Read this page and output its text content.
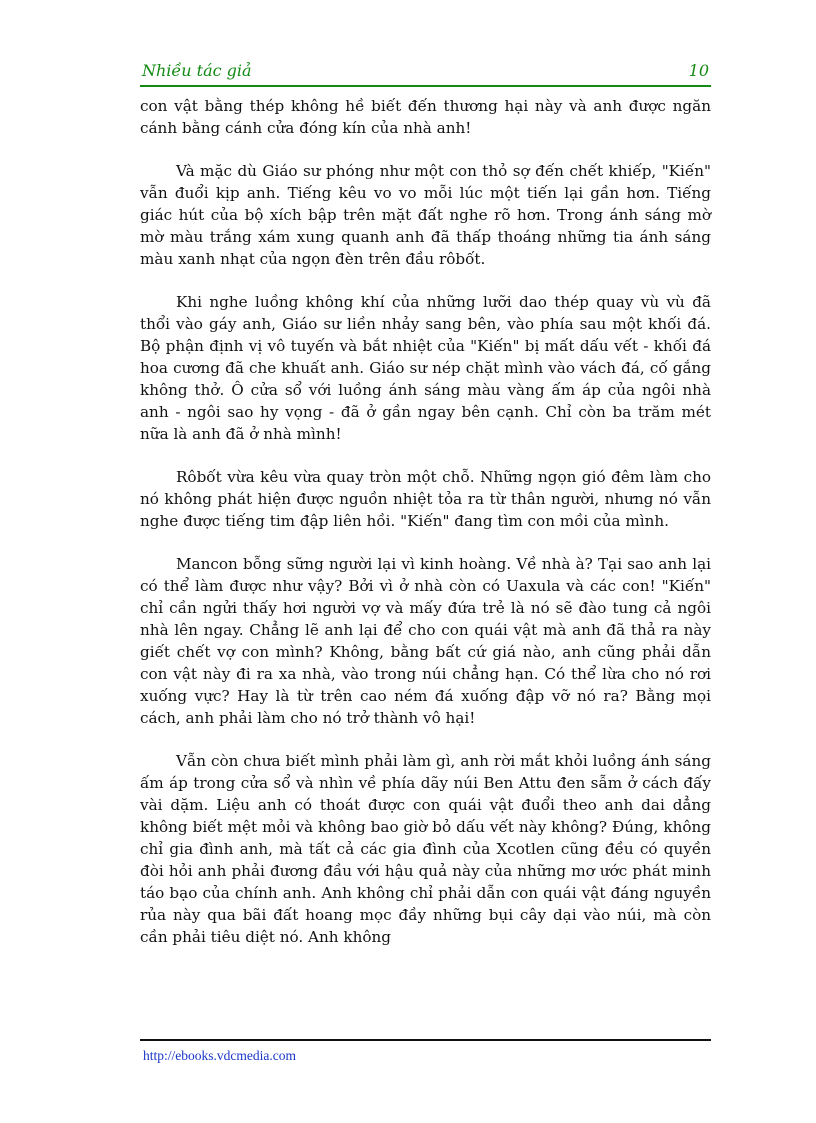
Nhiều tác giả	10

con vật bằng thép không hề biết đến thương hại này và anh được ngăn cánh bằng cánh cửa đóng kín của nhà anh!

Và mặc dù Giáo sư phóng như một con thỏ sợ đến chết khiếp, "Kiến" vẫn đuổi kịp anh. Tiếng kêu vo vo mỗi lúc một tiến lại gần hơn. Tiếng giác hút của bộ xích bập trên mặt đất nghe rõ hơn. Trong ánh sáng mờ mờ màu trắng xám xung quanh anh đã thấp thoáng những tia ánh sáng màu xanh nhạt của ngọn đèn trên đầu rôbốt.

Khi nghe luồng không khí của những lưỡi dao thép quay vù vù đã thổi vào gáy anh, Giáo sư liền nhảy sang bên, vào phía sau một khối đá. Bộ phận định vị vô tuyến và bắt nhiệt của "Kiến" bị mất dấu vết - khối đá hoa cương đã che khuất anh. Giáo sư nép chặt mình vào vách đá, cố gắng không thở. Ô cửa sổ với luồng ánh sáng màu vàng ấm áp của ngôi nhà anh - ngôi sao hy vọng - đã ở gần ngay bên cạnh. Chỉ còn ba trăm mét nữa là anh đã ở nhà mình!

Rôbốt vừa kêu vừa quay tròn một chỗ. Những ngọn gió đêm làm cho nó không phát hiện được nguồn nhiệt tỏa ra từ thân người, nhưng nó vẫn nghe được tiếng tim đập liên hồi. "Kiến" đang tìm con mồi của mình.

Mancon bỗng sững người lại vì kinh hoàng. Về nhà à? Tại sao anh lại có thể làm được như vậy? Bởi vì ở nhà còn có Uaxula và các con! "Kiến" chỉ cần ngửi thấy hơi người vợ và mấy đứa trẻ là nó sẽ đào tung cả ngôi nhà lên ngay. Chẳng lẽ anh lại để cho con quái vật mà anh đã thả ra này giết chết vợ con mình? Không, bằng bất cứ giá nào, anh cũng phải dẫn con vật này đi ra xa nhà, vào trong núi chẳng hạn. Có thể lừa cho nó rơi xuống vực? Hay là từ trên cao ném đá xuống đập vỡ nó ra? Bằng mọi cách, anh phải làm cho nó trở thành vô hại!

Vẫn còn chưa biết mình phải làm gì, anh rời mắt khỏi luồng ánh sáng ấm áp trong cửa sổ và nhìn về phía dãy núi Ben Attu đen sẫm ở cách đấy vài dặm. Liệu anh có thoát được con quái vật đuổi theo anh dai dẳng không biết mệt mỏi và không bao giờ bỏ dấu vết này không? Đúng, không chỉ gia đình anh, mà tất cả các gia đình của Xcotlen cũng đều có quyền đòi hỏi anh phải đương đầu với hậu quả này của những mơ ước phát minh táo bạo của chính anh. Anh không chỉ phải dẫn con quái vật đáng nguyền rủa này qua bãi đất hoang mọc đầy những bụi cây dại vào núi, mà còn cần phải tiêu diệt nó. Anh không

http://ebooks.vdcmedia.com
